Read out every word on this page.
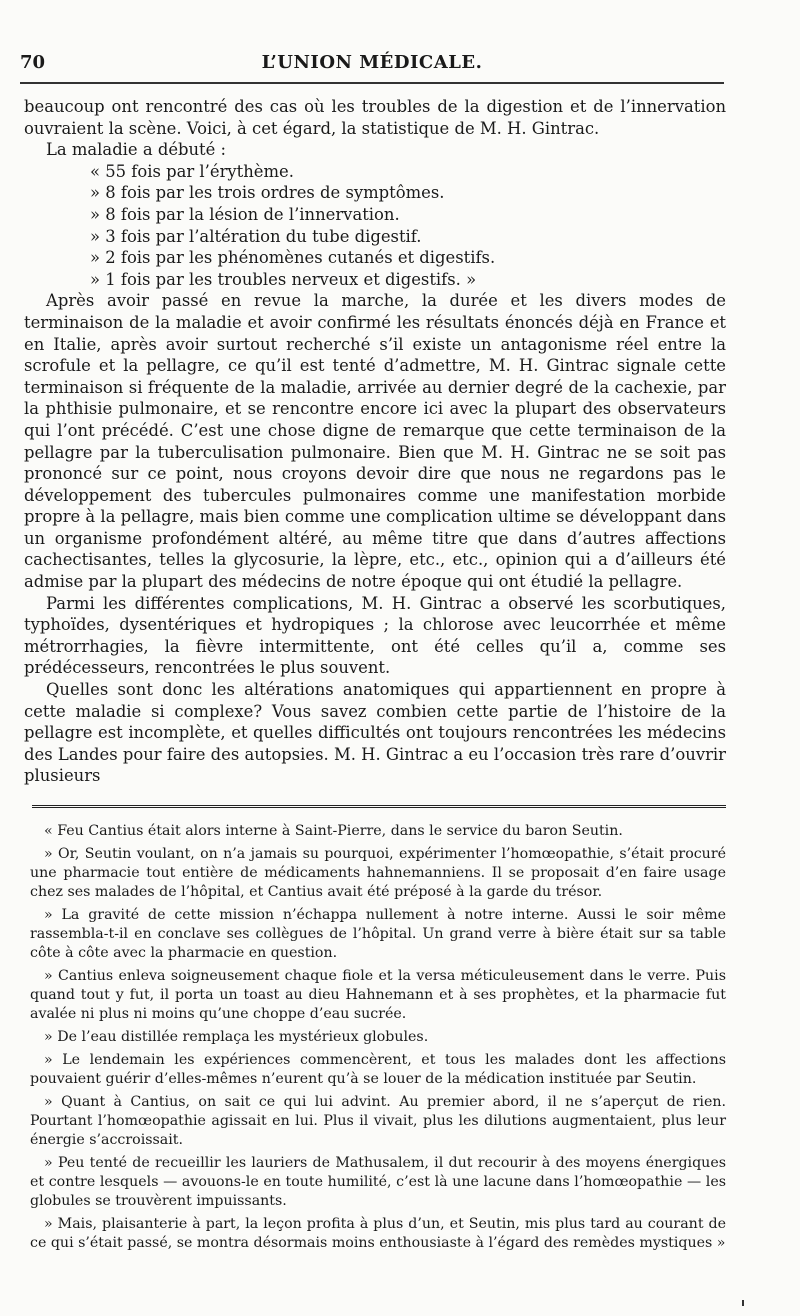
70	L’UNION MÉDICALE.

beaucoup ont rencontré des cas où les troubles de la digestion et de l’innervation ouvraient la scène. Voici, à cet égard, la statistique de M. H. Gintrac.

La maladie a débuté :

« 55 fois par l’érythème.
» 8 fois par les trois ordres de symptômes.
» 8 fois par la lésion de l’innervation.
» 3 fois par l’altération du tube digestif.
» 2 fois par les phénomènes cutanés et digestifs.
» 1 fois par les troubles nerveux et digestifs. »

Après avoir passé en revue la marche, la durée et les divers modes de terminaison de la maladie et avoir confirmé les résultats énoncés déjà en France et en Italie, après avoir surtout recherché s’il existe un antagonisme réel entre la scrofule et la pellagre, ce qu’il est tenté d’admettre, M. H. Gintrac signale cette terminaison si fréquente de la maladie, arrivée au dernier degré de la cachexie, par la phthisie pulmonaire, et se rencontre encore ici avec la plupart des observateurs qui l’ont précédé. C’est une chose digne de remarque que cette terminaison de la pellagre par la tuberculisation pulmonaire. Bien que M. H. Gintrac ne se soit pas prononcé sur ce point, nous croyons devoir dire que nous ne regardons pas le développement des tubercules pulmonaires comme une manifestation morbide propre à la pellagre, mais bien comme une complication ultime se développant dans un organisme profondément altéré, au même titre que dans d’autres affections cachectisantes, telles la glycosurie, la lèpre, etc., etc., opinion qui a d’ailleurs été admise par la plupart des médecins de notre époque qui ont étudié la pellagre.

Parmi les différentes complications, M. H. Gintrac a observé les scorbutiques, typhoïdes, dysentériques et hydropiques ; la chlorose avec leucorrhée et même métrorrhagies, la fièvre intermittente, ont été celles qu’il a, comme ses prédécesseurs, rencontrées le plus souvent.

Quelles sont donc les altérations anatomiques qui appartiennent en propre à cette maladie si complexe? Vous savez combien cette partie de l’histoire de la pellagre est incomplète, et quelles difficultés ont toujours rencontrées les médecins des Landes pour faire des autopsies. M. H. Gintrac a eu l’occasion très rare d’ouvrir plusieurs

« Feu Cantius était alors interne à Saint-Pierre, dans le service du baron Seutin.

» Or, Seutin voulant, on n’a jamais su pourquoi, expérimenter l’homœopathie, s’était procuré une pharmacie tout entière de médicaments hahnemanniens. Il se proposait d’en faire usage chez ses malades de l’hôpital, et Cantius avait été préposé à la garde du trésor.

» La gravité de cette mission n’échappa nullement à notre interne. Aussi le soir même rassembla-t-il en conclave ses collègues de l’hôpital. Un grand verre à bière était sur sa table côte à côte avec la pharmacie en question.

» Cantius enleva soigneusement chaque fiole et la versa méticuleusement dans le verre. Puis quand tout y fut, il porta un toast au dieu Hahnemann et à ses prophètes, et la pharmacie fut avalée ni plus ni moins qu’une choppe d’eau sucrée.

» De l’eau distillée remplaça les mystérieux globules.

» Le lendemain les expériences commencèrent, et tous les malades dont les affections pouvaient guérir d’elles-mêmes n’eurent qu’à se louer de la médication instituée par Seutin.

» Quant à Cantius, on sait ce qui lui advint. Au premier abord, il ne s’aperçut de rien. Pourtant l’homœopathie agissait en lui. Plus il vivait, plus les dilutions augmentaient, plus leur énergie s’accroissait.

» Peu tenté de recueillir les lauriers de Mathusalem, il dut recourir à des moyens énergiques et contre lesquels — avouons-le en toute humilité, c’est là une lacune dans l’homœopathie — les globules se trouvèrent impuissants.

» Mais, plaisanterie à part, la leçon profita à plus d’un, et Seutin, mis plus tard au courant de ce qui s’était passé, se montra désormais moins enthousiaste à l’égard des remèdes mystiques »
